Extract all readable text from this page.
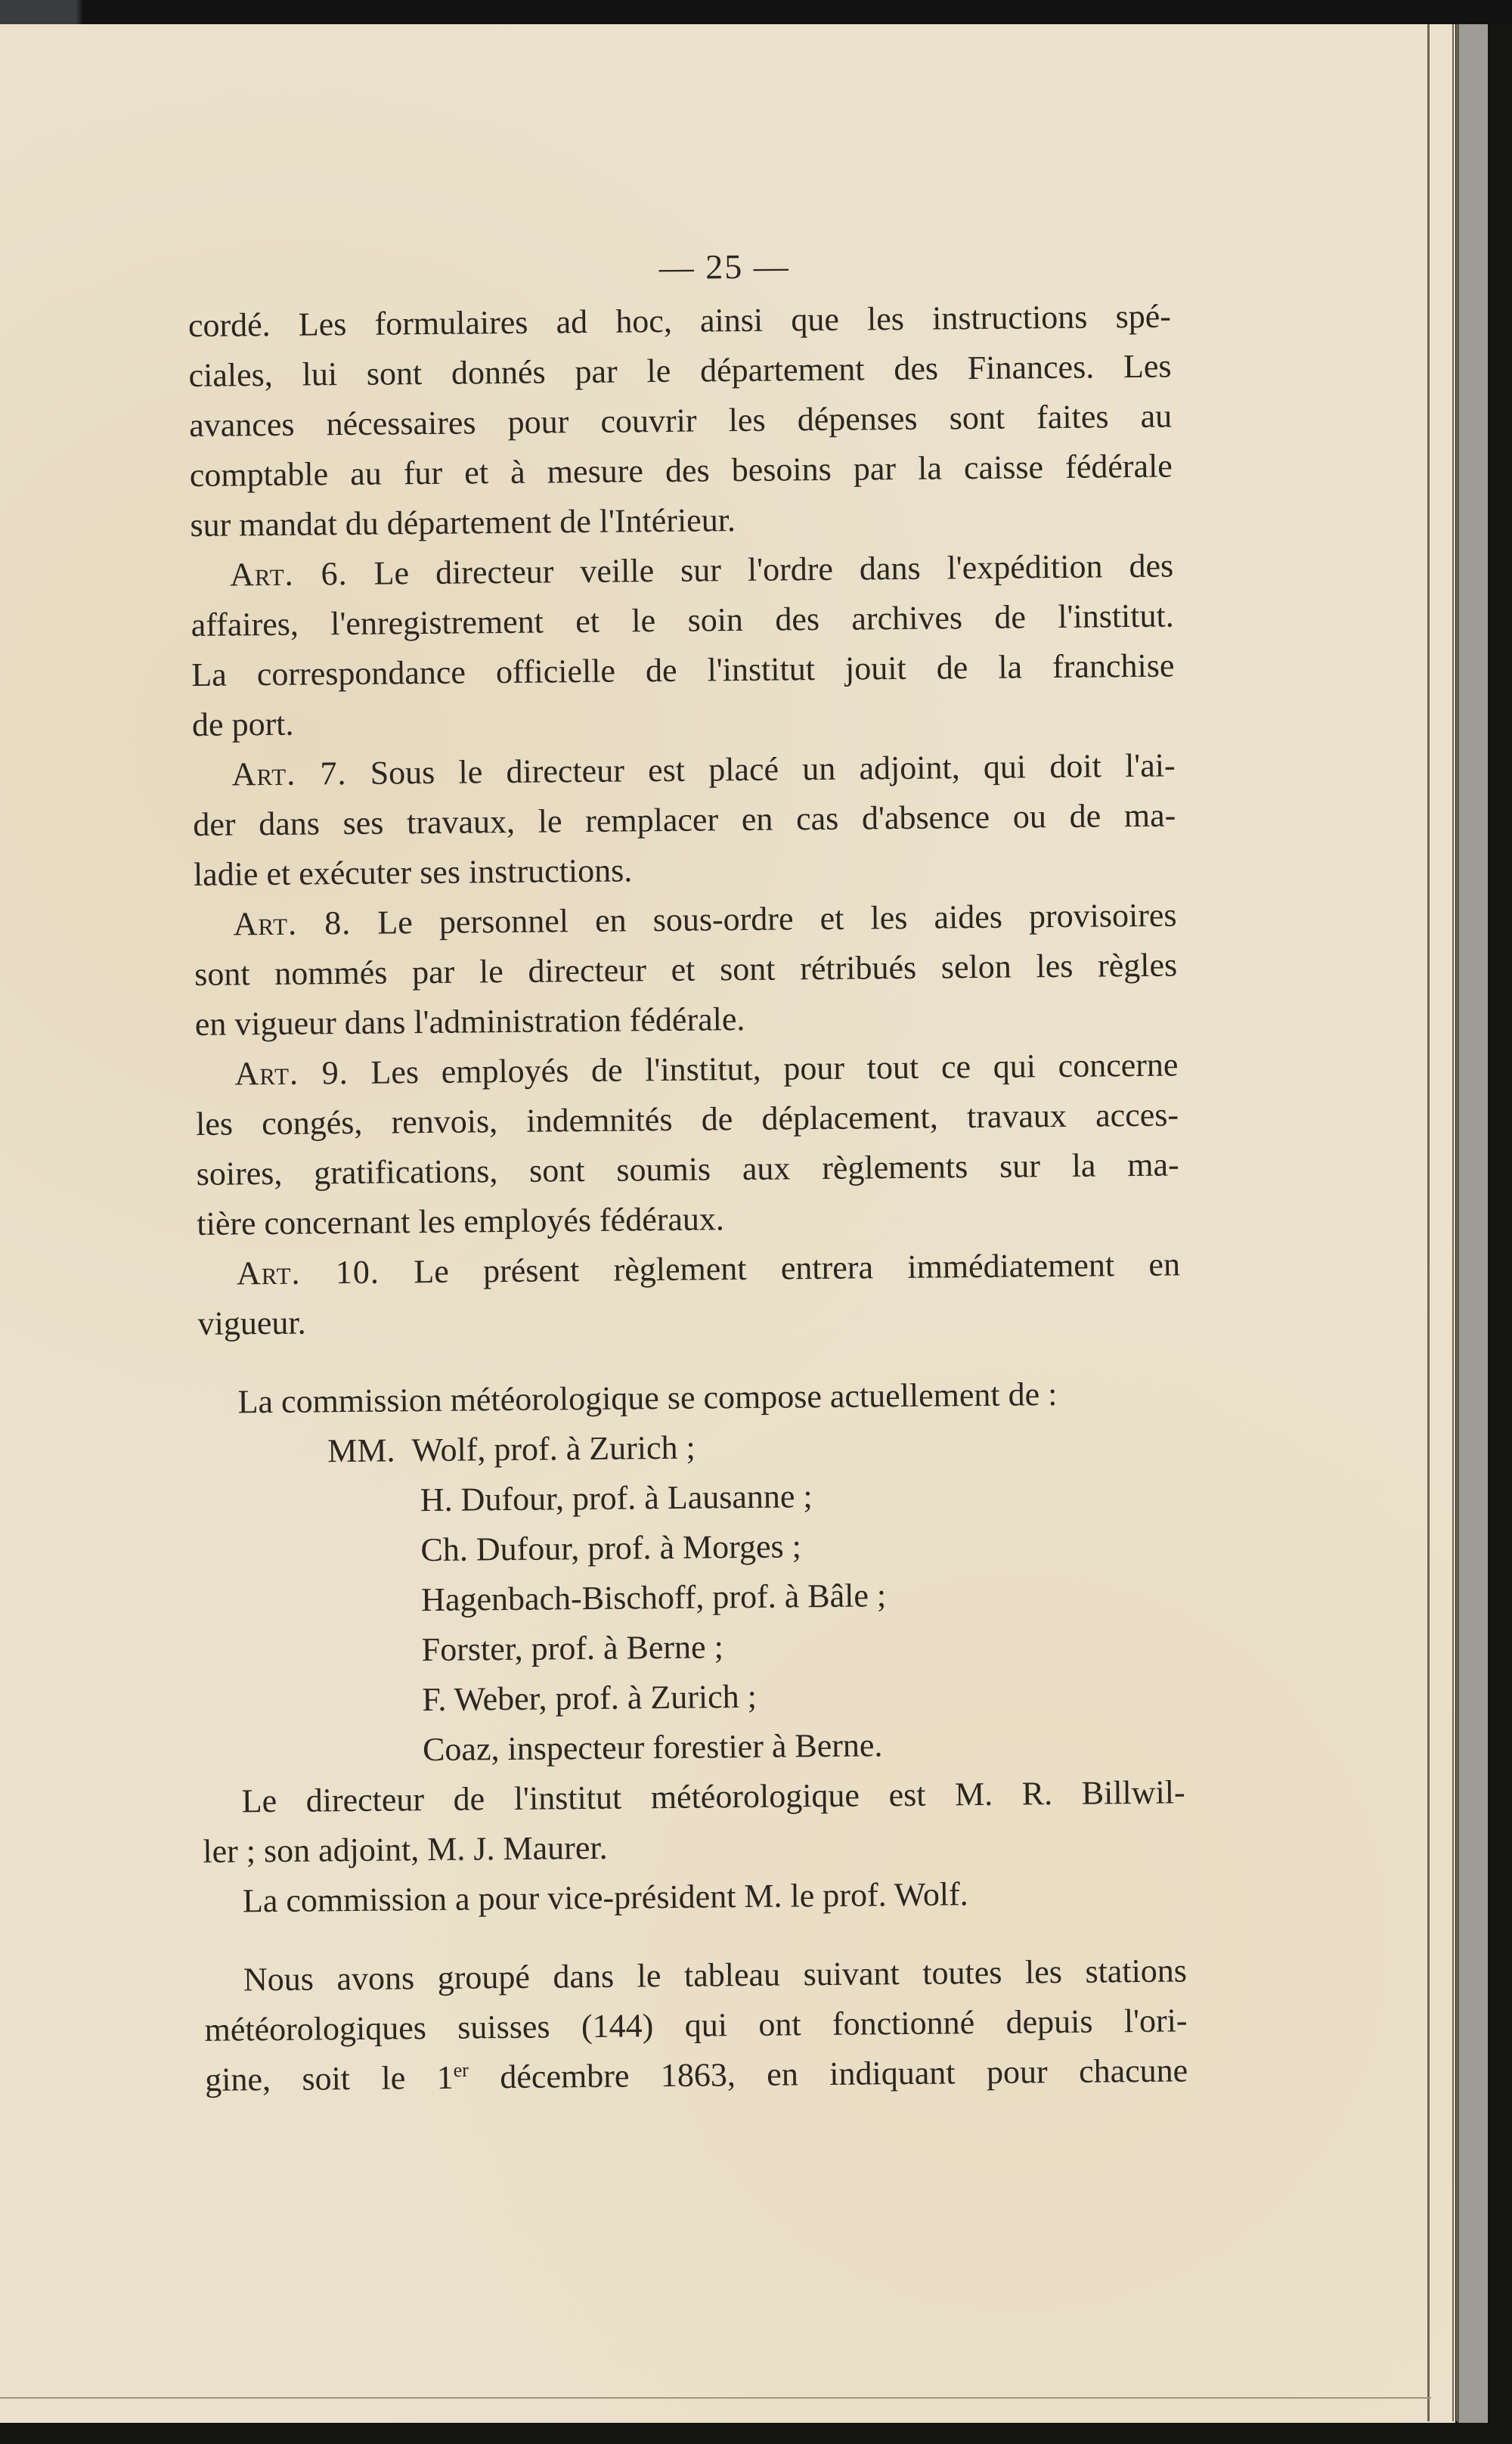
— 25 —
cordé. Les formulaires ad hoc, ainsi que les instructions spé-
ciales, lui sont donnés par le département des Finances. Les
avances nécessaires pour couvrir les dépenses sont faites au
comptable au fur et à mesure des besoins par la caisse fédérale
sur mandat du département de l'Intérieur.
Art. 6. Le directeur veille sur l'ordre dans l'expédition des
affaires, l'enregistrement et le soin des archives de l'institut.
La correspondance officielle de l'institut jouit de la franchise
de port.
Art. 7. Sous le directeur est placé un adjoint, qui doit l'ai-
der dans ses travaux, le remplacer en cas d'absence ou de ma-
ladie et exécuter ses instructions.
Art. 8. Le personnel en sous-ordre et les aides provisoires
sont nommés par le directeur et sont rétribués selon les règles
en vigueur dans l'administration fédérale.
Art. 9. Les employés de l'institut, pour tout ce qui concerne
les congés, renvois, indemnités de déplacement, travaux acces-
soires, gratifications, sont soumis aux règlements sur la ma-
tière concernant les employés fédéraux.
Art. 10. Le présent règlement entrera immédiatement en
vigueur.
La commission météorologique se compose actuellement de :
MM. Wolf, prof. à Zurich ;
H. Dufour, prof. à Lausanne ;
Ch. Dufour, prof. à Morges ;
Hagenbach-Bischoff, prof. à Bâle ;
Forster, prof. à Berne ;
F. Weber, prof. à Zurich ;
Coaz, inspecteur forestier à Berne.
Le directeur de l'institut météorologique est M. R. Billwil-
ler ; son adjoint, M. J. Maurer.
La commission a pour vice-président M. le prof. Wolf.
Nous avons groupé dans le tableau suivant toutes les stations
météorologiques suisses (144) qui ont fonctionné depuis l'ori-
gine, soit le 1er décembre 1863, en indiquant pour chacune
